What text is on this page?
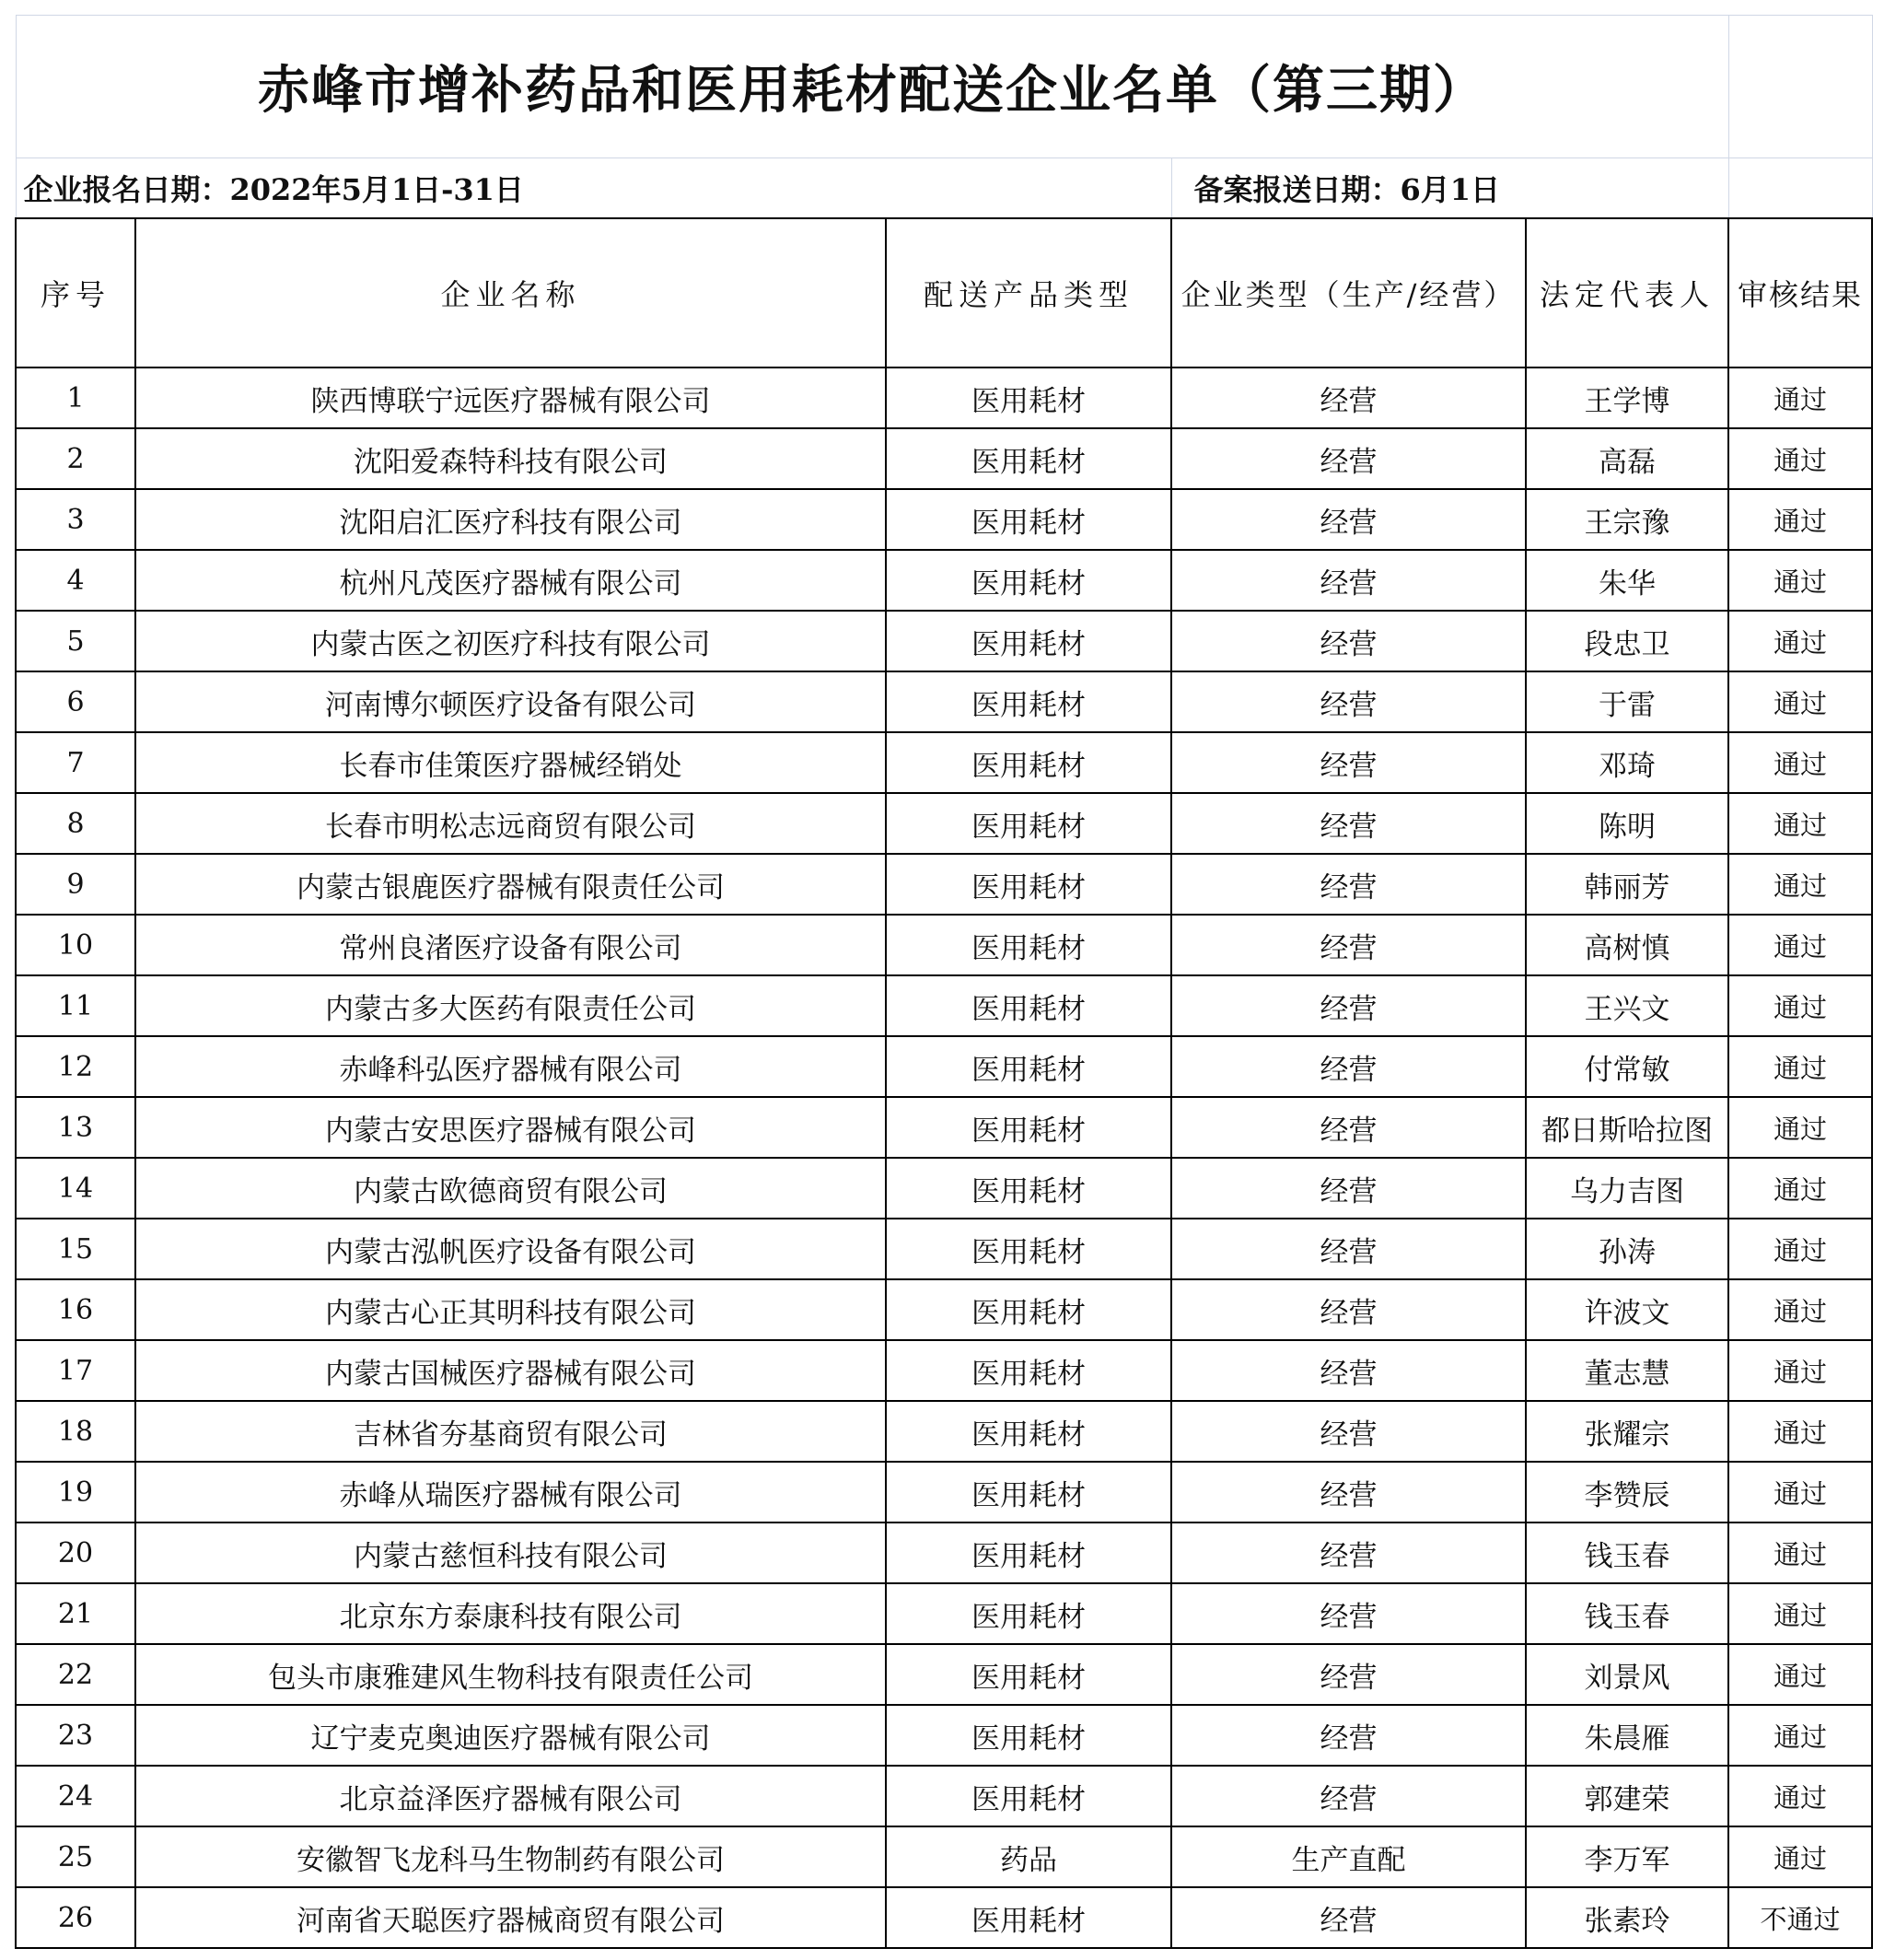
赤峰市增补药品和医用耗材配送企业名单（第三期）					
企业报名日期：2022年5月1日-31日			备案报送日期：6月1日		
序号	企业名称	配送产品类型	企业类型（生产/经营）	法定代表人	审核结果
1	陕西博联宁远医疗器械有限公司	医用耗材	经营	王学博	通过
2	沈阳爱森特科技有限公司	医用耗材	经营	高磊	通过
3	沈阳启汇医疗科技有限公司	医用耗材	经营	王宗豫	通过
4	杭州凡茂医疗器械有限公司	医用耗材	经营	朱华	通过
5	内蒙古医之初医疗科技有限公司	医用耗材	经营	段忠卫	通过
6	河南博尔顿医疗设备有限公司	医用耗材	经营	于雷	通过
7	长春市佳策医疗器械经销处	医用耗材	经营	邓琦	通过
8	长春市明松志远商贸有限公司	医用耗材	经营	陈明	通过
9	内蒙古银鹿医疗器械有限责任公司	医用耗材	经营	韩丽芳	通过
10	常州良渚医疗设备有限公司	医用耗材	经营	高树慎	通过
11	内蒙古多大医药有限责任公司	医用耗材	经营	王兴文	通过
12	赤峰科弘医疗器械有限公司	医用耗材	经营	付常敏	通过
13	内蒙古安思医疗器械有限公司	医用耗材	经营	都日斯哈拉图	通过
14	内蒙古欧德商贸有限公司	医用耗材	经营	乌力吉图	通过
15	内蒙古泓帆医疗设备有限公司	医用耗材	经营	孙涛	通过
16	内蒙古心正其明科技有限公司	医用耗材	经营	许波文	通过
17	内蒙古国械医疗器械有限公司	医用耗材	经营	董志慧	通过
18	吉林省夯基商贸有限公司	医用耗材	经营	张耀宗	通过
19	赤峰从瑞医疗器械有限公司	医用耗材	经营	李赞辰	通过
20	内蒙古慈恒科技有限公司	医用耗材	经营	钱玉春	通过
21	北京东方泰康科技有限公司	医用耗材	经营	钱玉春	通过
22	包头市康雅建风生物科技有限责任公司	医用耗材	经营	刘景风	通过
23	辽宁麦克奥迪医疗器械有限公司	医用耗材	经营	朱晨雁	通过
24	北京益泽医疗器械有限公司	医用耗材	经营	郭建荣	通过
25	安徽智飞龙科马生物制药有限公司	药品	生产直配	李万军	通过
26	河南省天聪医疗器械商贸有限公司	医用耗材	经营	张素玲	不通过
